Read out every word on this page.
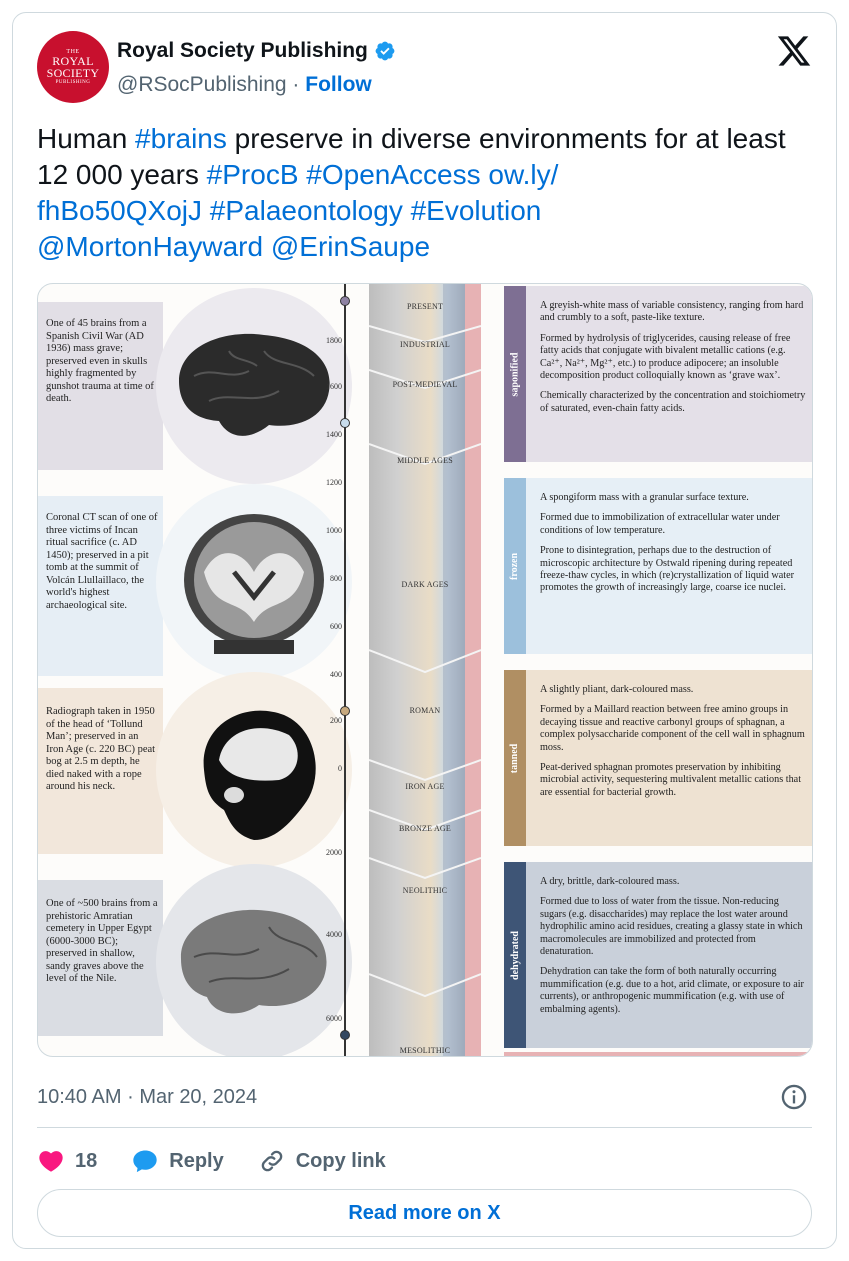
THE
ROYAL
SOCIETY
PUBLISHING
Royal Society Publishing
@RSocPublishing · Follow
Human #brains preserve in diverse environments for at least 12 000 years #ProcB #OpenAccess ow.ly/
fhBo50QXojJ #Palaeontology #Evolution
@MortonHayward @ErinSaupe
One of 45 brains from a Spanish Civil War (AD 1936) mass grave; preserved even in skulls highly fragmented by gunshot trauma at time of death.
Coronal CT scan of one of three victims of Incan ritual sacrifice (c. AD 1450); preserved in a pit tomb at the summit of Volcán Llullaillaco, the world's highest archaeological site.
Radiograph taken in 1950 of the head of ‘Tollund Man’; preserved in an Iron Age (c. 220 BC) peat bog at 2.5 m depth, he died naked with a rope around his neck.
One of ~500 brains from a prehistoric Amratian cemetery in Upper Egypt (6000-3000 BC); preserved in shallow, sandy graves above the level of the Nile.
1800
1600
1400
1200
1000
800
600
400
200
0
2000
4000
6000
PRESENT
INDUSTRIAL
POST-MEDIEVAL
MIDDLE AGES
DARK AGES
ROMAN
IRON AGE
BRONZE AGE
NEOLITHIC
MESOLITHIC
saponified

A greyish-white mass of variable consistency, ranging from hard and crumbly to a soft, paste-like texture.

Formed by hydrolysis of triglycerides, causing release of free fatty acids that conjugate with bivalent metallic cations (e.g. Ca²⁺, Na²⁺, Mg²⁺, etc.) to produce adipocere; an insoluble decomposition product colloquially known as ‘grave wax’.

Chemically characterized by the concentration and stoichiometry of saturated, even-chain fatty acids.

frozen

A spongiform mass with a granular surface texture.

Formed due to immobilization of extracellular water under conditions of low temperature.

Prone to disintegration, perhaps due to the destruction of microscopic architecture by Ostwald ripening during repeated freeze-thaw cycles, in which (re)crystallization of liquid water promotes the growth of increasingly large, coarse ice nuclei.

tanned

A slightly pliant, dark-coloured mass.

Formed by a Maillard reaction between free amino groups in decaying tissue and reactive carbonyl groups of sphagnan, a complex polysaccharide component of the cell wall in sphagnum moss.

Peat-derived sphagnan promotes preservation by inhibiting microbial activity, sequestering multivalent metallic cations that are essential for bacterial growth.

dehydrated

A dry, brittle, dark-coloured mass.

Formed due to loss of water from the tissue. Non-reducing sugars (e.g. disaccharides) may replace the lost water around hydrophilic amino acid residues, creating a glassy state in which macromolecules are immobilized and protected from denaturation.

Dehydration can take the form of both naturally occurring mummification (e.g. due to a hot, arid climate, or exposure to air currents), or anthropogenic mummification (e.g. with use of embalming agents).

10:40 AM · Mar 20, 2024
18	Reply	Copy link
Read more on X
